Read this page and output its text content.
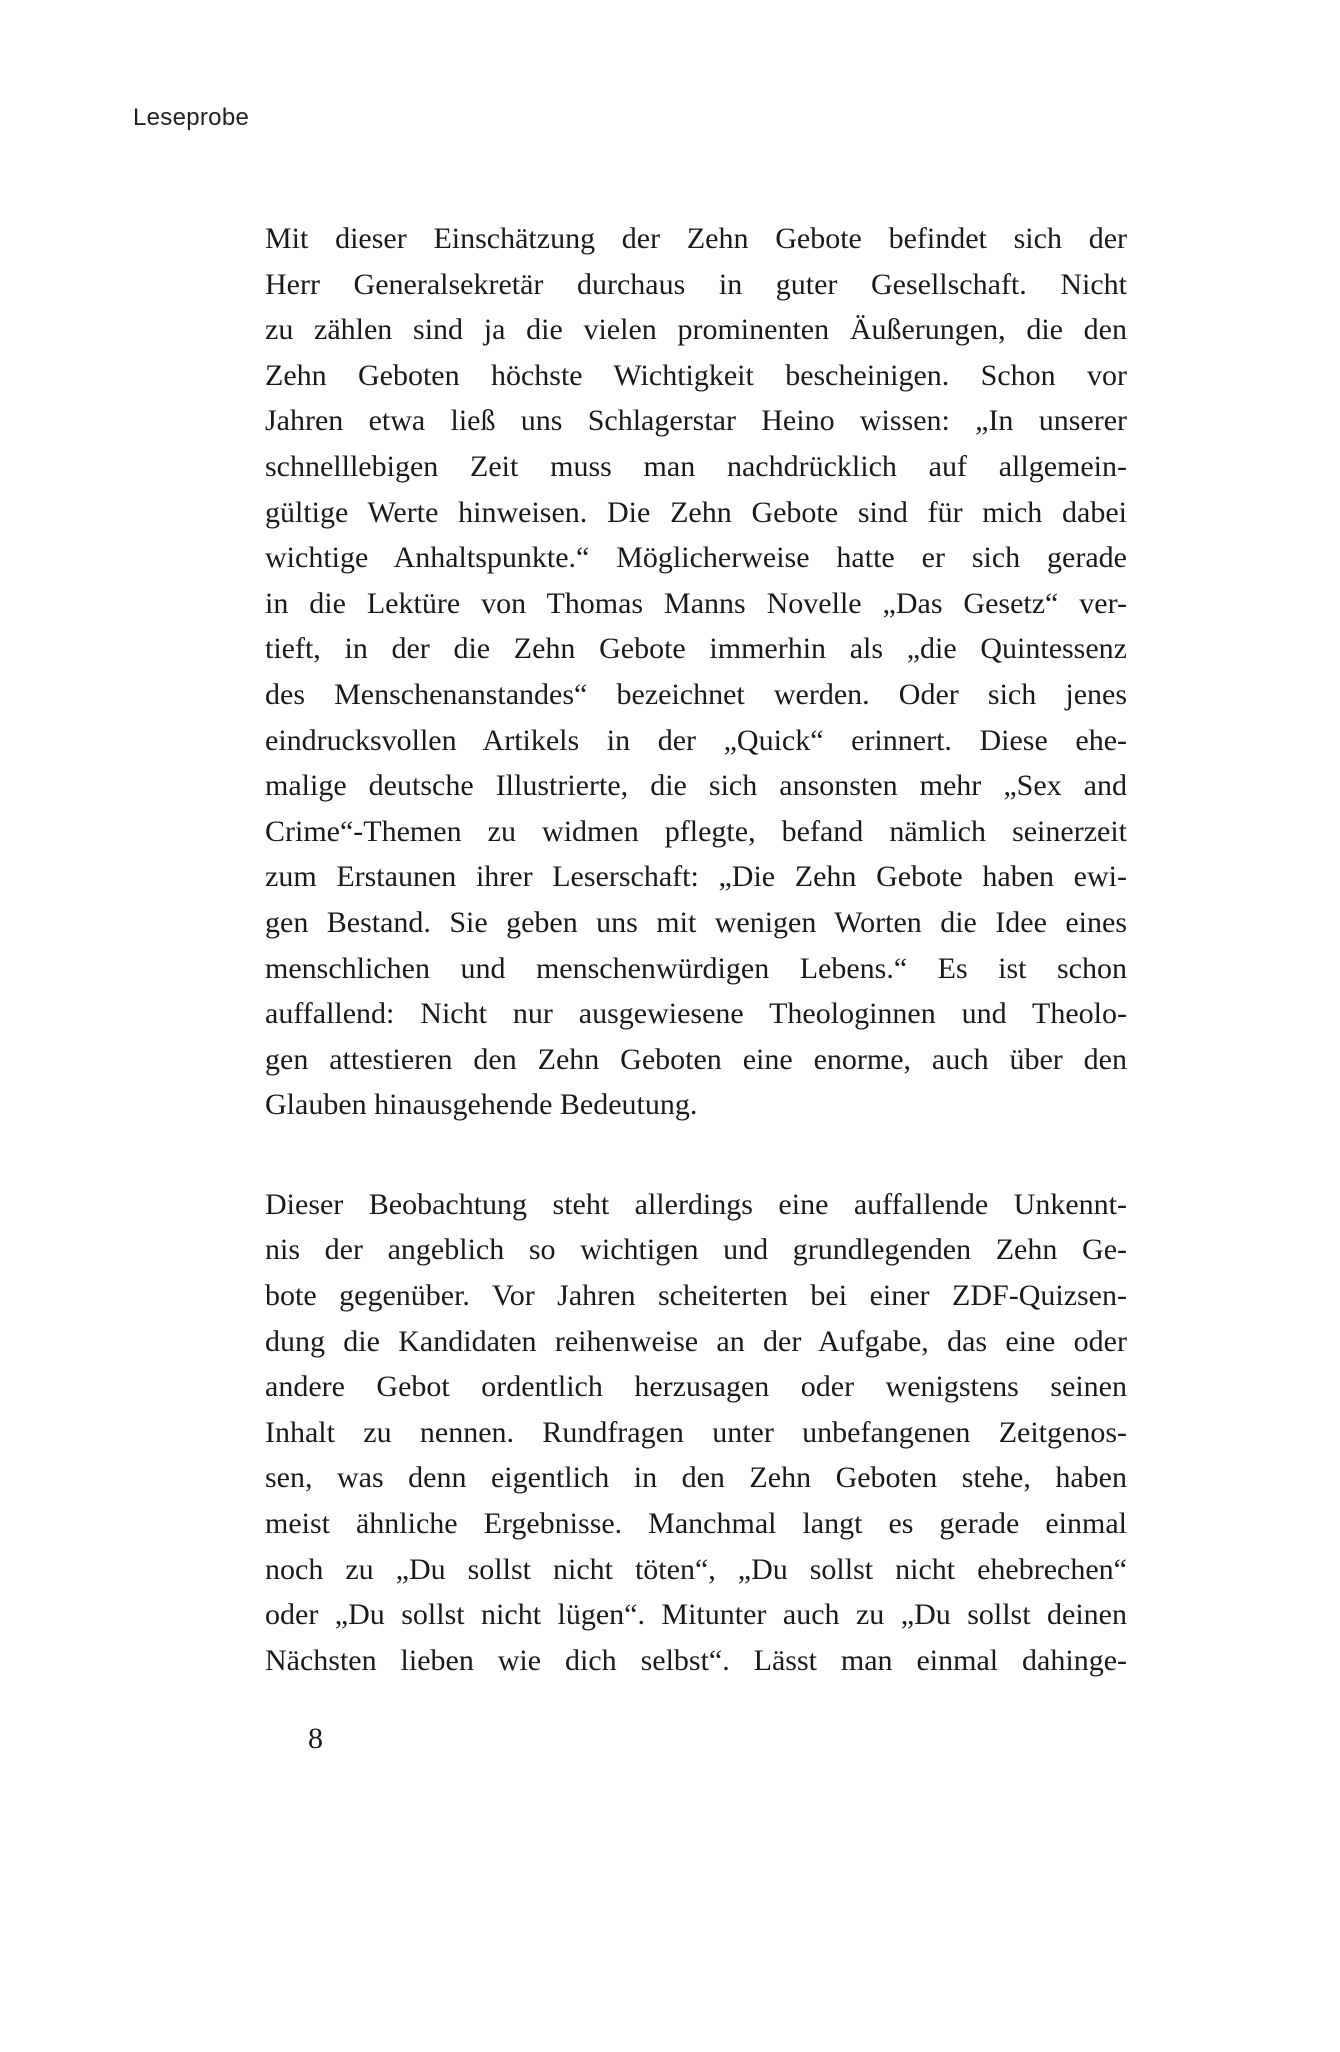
Leseprobe
Mit dieser Einschätzung der Zehn Gebote befindet sich der
Herr Generalsekretär durchaus in guter Gesellschaft. Nicht
zu zählen sind ja die vielen prominenten Äußerungen, die den
Zehn Geboten höchste Wichtigkeit bescheinigen. Schon vor
Jahren etwa ließ uns Schlagerstar Heino wissen: „In unserer
schnelllebigen Zeit muss man nachdrücklich auf allgemein-
gültige Werte hinweisen. Die Zehn Gebote sind für mich dabei
wichtige Anhaltspunkte.“ Möglicherweise hatte er sich gerade
in die Lektüre von Thomas Manns Novelle „Das Gesetz“ ver-
tieft, in der die Zehn Gebote immerhin als „die Quintessenz
des Menschenanstandes“ bezeichnet werden. Oder sich jenes
eindrucksvollen Artikels in der „Quick“ erinnert. Diese ehe-
malige deutsche Illustrierte, die sich ansonsten mehr „Sex and
Crime“-Themen zu widmen pflegte, befand nämlich seinerzeit
zum Erstaunen ihrer Leserschaft: „Die Zehn Gebote haben ewi-
gen Bestand. Sie geben uns mit wenigen Worten die Idee eines
menschlichen und menschenwürdigen Lebens.“ Es ist schon
auffallend: Nicht nur ausgewiesene Theologinnen und Theolo-
gen attestieren den Zehn Geboten eine enorme, auch über den
Glauben hinausgehende Bedeutung.
Dieser Beobachtung steht allerdings eine auffallende Unkennt-
nis der angeblich so wichtigen und grundlegenden Zehn Ge-
bote gegenüber. Vor Jahren scheiterten bei einer ZDF-Quizsen-
dung die Kandidaten reihenweise an der Aufgabe, das eine oder
andere Gebot ordentlich herzusagen oder wenigstens seinen
Inhalt zu nennen. Rundfragen unter unbefangenen Zeitgenos-
sen, was denn eigentlich in den Zehn Geboten stehe, haben
meist ähnliche Ergebnisse. Manchmal langt es gerade einmal
noch zu „Du sollst nicht töten“, „Du sollst nicht ehebrechen“
oder „Du sollst nicht lügen“. Mitunter auch zu „Du sollst deinen
Nächsten lieben wie dich selbst“. Lässt man einmal dahinge-
8
